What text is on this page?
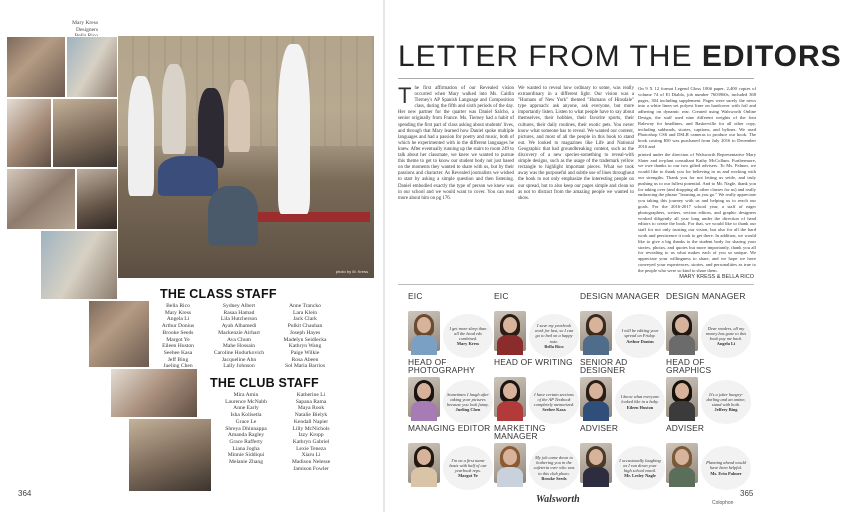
Mary Kress
Designers
photo by M. Kress
THE CLASS STAFF
Bella Rico
Mary Kress
Angela Li
Arthur Donius
Brooke Seeds
Margot Ye
Eileen Huston
Seehee Kasa
Jeff Bing
Jueling Chen
Sydney Albert
Rasaa Hamad
Lila Hutcherson
Ayah Alhamedi
Mackenzie Airhart
Ava Chum
Mahe Hossain
Caroline Hodurkovich
Jacqueline Ahn
Lally Johnson
Anne Trancko
Lara Klein
Jack Clark
Pulkit Chauhan
Joseph Hayes
Madelyn Seidlecka
Kathryn Wang
Paige Wilkie
Rosa Abeen
Sol Maria Barrios
THE CLUB STAFF
Mira Amin
Laurence McNabb
Anne Early
Isha Kolisetla
Grace Le
Shreya Dhinnappa
Amanda Ragley
Grace Rafferty
Liana Jogha
Minnie Siddiqui
Melanie Zhang
Katherine Li
Sapana Rama
Maya Rook
Natalie Bielyk
Kendall Napier
Lilly McNichols
Izzy Kropp
Kathryn Gabriel
Lexie Teneza
Xiaru Li
Madison Nelesse
Jamison Fowler
364
LETTER FROM THE EDITORS
T he first affirmation of our Revealed vision occurred when Mary walked into Ms. Caitlin Tierney's AP Spanish Language and Composition class, during the fifth and sixth periods of the day. Her new partner for the quarter was Daniel Salcho, a senior originally from France. Ms. Tierney had a habit of spending the first part of class asking about students' lives, and through that Mary learned how Daniel spoke multiple languages and had a passion for poetry and music, both of which he experimented with in the different languages he knew. After eventually running up the stairs to room 249 to talk about her classmate, we knew we wanted to pursue this theme to get to know our student body not just based on the moments they wanted to share with us, but by their passions and character. As Revealed journalists we wished to start by asking a simple question and then listening. Daniel embodied exactly the type of person we knew was in our school and we would want to cover. You can read more about him on pg 176.

We wanted to reveal how ordinary to some, was really extraordinary in a different light. Our vision was a "Humans of New York" themed "Humans of Hinsdale" type approach: ask anyone, ask everyone, but more importantly listen. Listen to what people have to say about themselves, their hobbies, their favorite sports, their cultures, their daily routines, their exotic pets. You never know what someone has to reveal. We wanted our content, pictures, and most of all the people in this book to stand out. We looked to magazines like Life and National Geographic that had groundbreaking content, such as the discovery of a new species-something to reveal-with simple designs, such as the usage of the trademark yellow rectangle to highlight important pieces. What we took away was the purposeful and subtle use of lines throughout the book to not only emphasize the interesting people on our spread, but to also keep our pages simple and clean so as not to distract from the amazing people we wanted to show.

On 9 X 12 format Legend Gloss 100# paper, 2,400 copies of volume 74 of El Diablo, job number 7603960s, included 368 pages, 304 including supplement. Pages were surely the news into a white linen set polyest liner on hardcover with foil and adhering on dynamic rear. Created using Walsworth Online Design, the staff used nine different weights of the font Raleway for headlines, and Baskerville for all other copy, including subheads, stories, captions, and bylines. We used Photoshop CS6 and DSLR cameras to produce our book. The book costing $50 was purchased from July 2016 to December 2016 and

printed under the direction of Walsworth Representative Mary Slater and in-plant consultant Kathy McCollum. Furthermore, we owe thanks to our two gifted advisers. To Ms. Palmer, we would like to thank you for believing in us and working with our strengths. Thank you for not letting us settle, and truly pushing us to our fullest potential. And to Mr. Nagle, thank you for taking over (and dropping all other classes for us) and really embracing the phrase "learning as you go." We really appreciate you taking this journey with us and helping us to reach our goals. For the 2016-2017 school year, a staff of eager photographers, writers, section editors, and graphic designers worked diligently all year long under the direction of head editors to create the book. For that, we would like to thank our staff for not only trusting our vision, but also for all the hard work and persistence it took to get there. In addition, we would like to give a big thanks to the student body for sharing your stories, photos, and quotes but more importantly, thank you all for revealing to us what makes each of you so unique. We appreciate your willingness to share, and we hope we have conveyed your experiences, stories, and personalities as true to the people who were so kind to share them.

MARY KRESS & BELLA RICO
EIC
I get more sleep than all the head eds combined.
Mary Kress
EIC
I save my yearbook work for last, so I can go to bed on a happy note.
Bella Rico
DESIGN MANAGER
I will be editing your spread on Friday.
Arthur Donius
DESIGN MANAGER
Dear readers, all my money has gone to this book pay me back.
Angela Li
HEAD OF PHOTOGRAPHY
Sometimes I laugh after taking your pictures because you look funny.
Jueling Chen
HEAD OF WRITING
I have certain sections of the AP Textbook completely memorized.
Seehee Kasa
SENIOR AD DESIGNER
I know what everyone looked like in a baby.
Eileen Huston
HEAD OF GRAPHICS
It's a joker hungry-darling and an anime, stand with both.
Jeffrey Bing
MANAGING EDITOR
I'm on a first name basis with half of our yearbook reps.
Margot Ye
MARKETING MANAGER
My job came down to bothering you in the cafeteria over who was in this club photo.
Brooke Seeds
ADVISER
I occasionally laughing as I run down your high school email.
Mr. Lesley Nagle
ADVISER
Planning ahead would have been helpful.
Ms. Erin Palmer
Walsworth	Colophon
365
